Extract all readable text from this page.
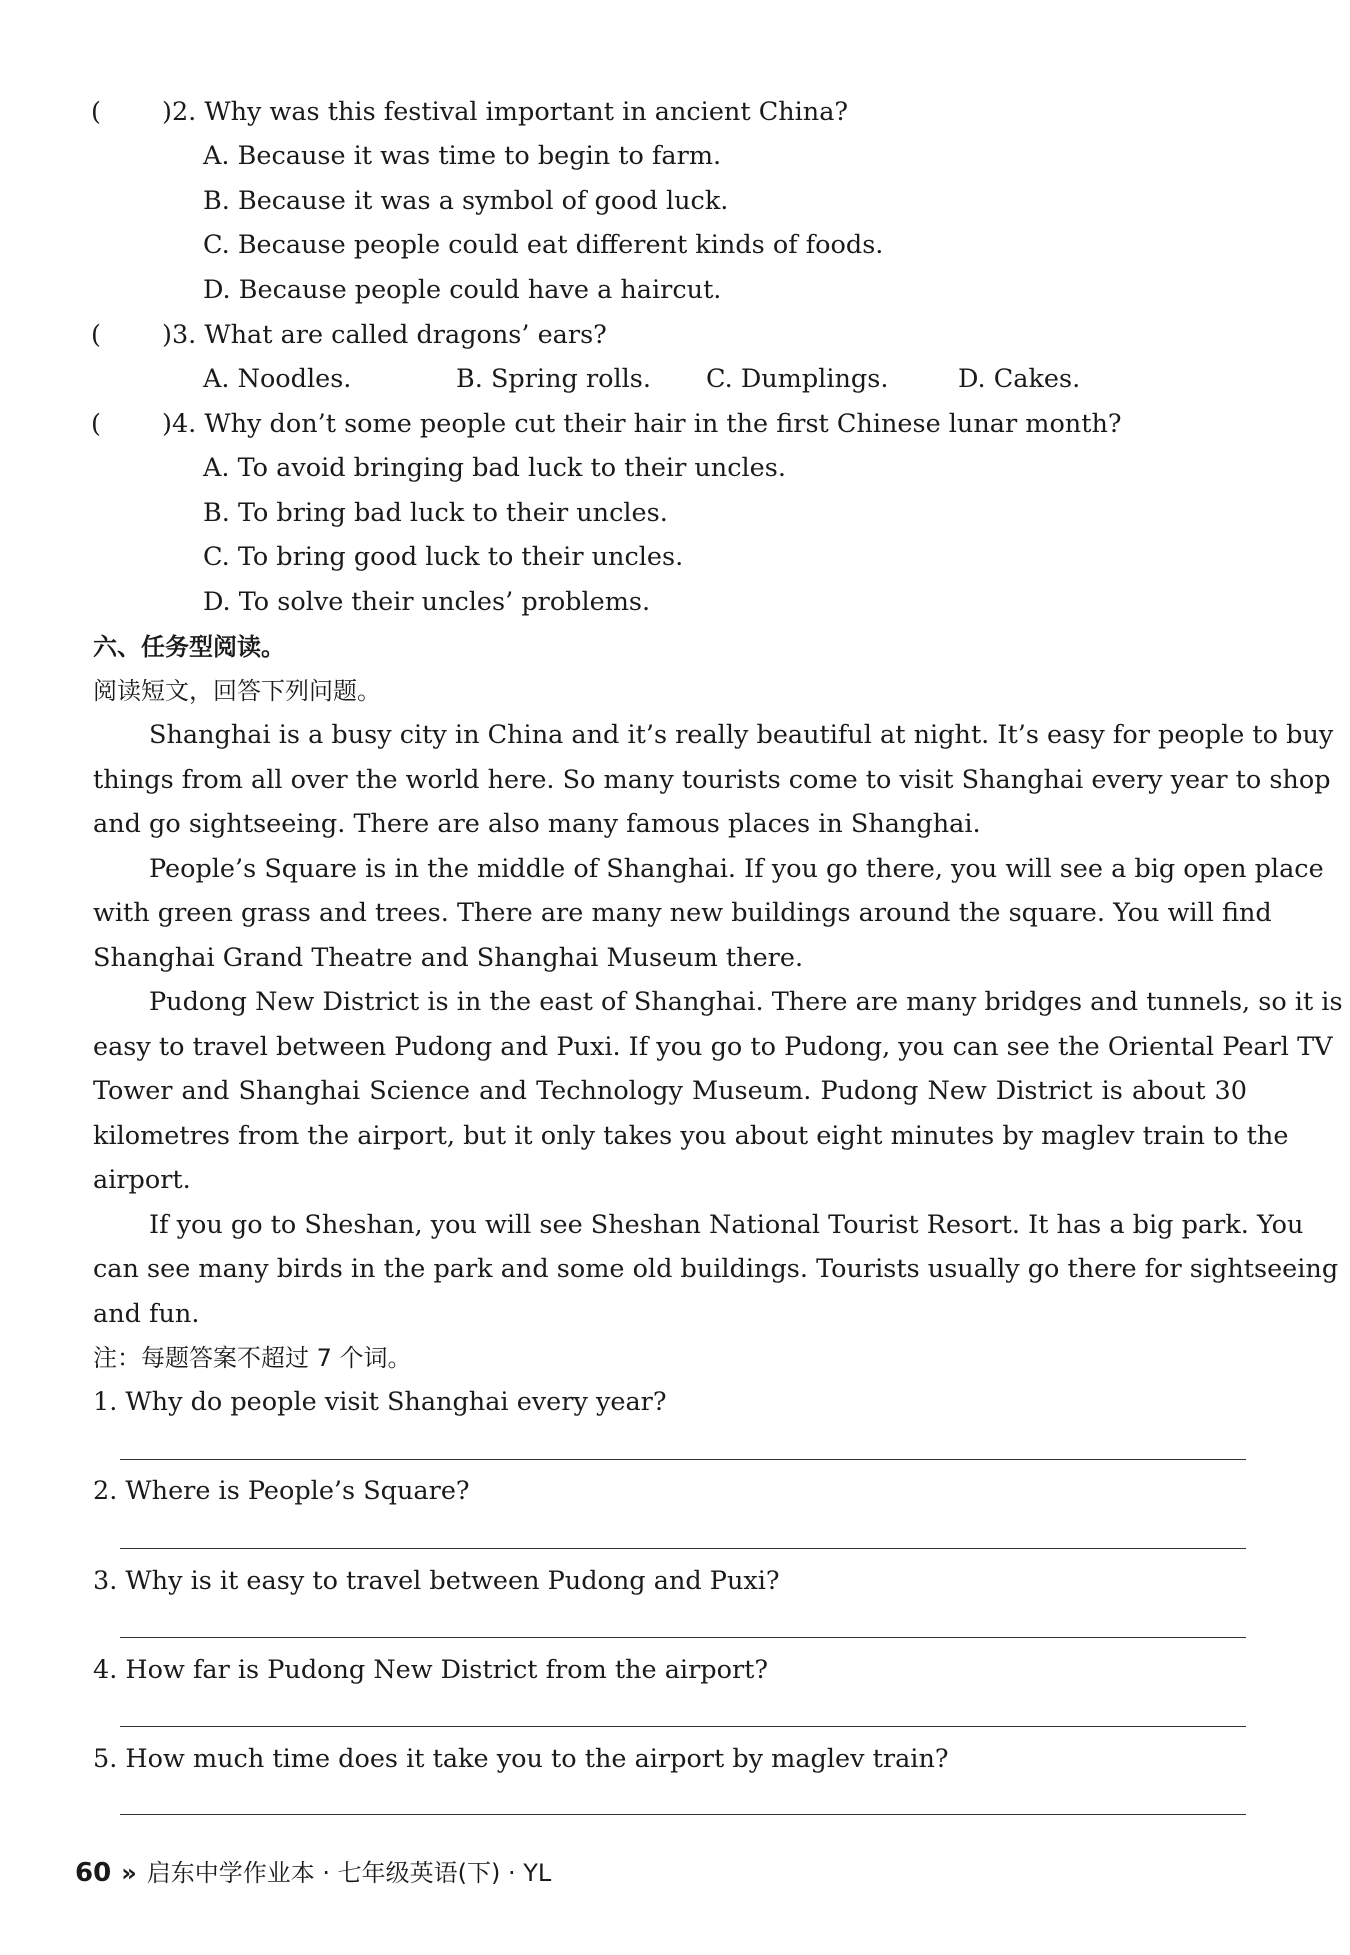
( )2. Why was this festival important in ancient China?
A. Because it was time to begin to farm.
B. Because it was a symbol of good luck.
C. Because people could eat different kinds of foods.
D. Because people could have a haircut.
( )3. What are called dragons’ ears?
A. Noodles.	B. Spring rolls. C. Dumplings.	D. Cakes.
( )4. Why don’t some people cut their hair in the first Chinese lunar month?
A. To avoid bringing bad luck to their uncles.
B. To bring bad luck to their uncles.
C. To bring good luck to their uncles.
D. To solve their uncles’ problems.
六、任务型阅读。
阅读短文，回答下列问题。
Shanghai is a busy city in China and it’s really beautiful at night. It’s easy for people to buy
things from all over the world here. So many tourists come to visit Shanghai every year to shop
and go sightseeing. There are also many famous places in Shanghai.
People’s Square is in the middle of Shanghai. If you go there, you will see a big open place
with green grass and trees. There are many new buildings around the square. You will find
Shanghai Grand Theatre and Shanghai Museum there.
Pudong New District is in the east of Shanghai. There are many bridges and tunnels, so it is
easy to travel between Pudong and Puxi. If you go to Pudong, you can see the Oriental Pearl TV
Tower and Shanghai Science and Technology Museum. Pudong New District is about 30
kilometres from the airport, but it only takes you about eight minutes by maglev train to the
airport.
If you go to Sheshan, you will see Sheshan National Tourist Resort. It has a big park. You
can see many birds in the park and some old buildings. Tourists usually go there for sightseeing
and fun.
注：每题答案不超过 7 个词。
1. Why do people visit Shanghai every year?
2. Where is People’s Square?
3. Why is it easy to travel between Pudong and Puxi?
4. How far is Pudong New District from the airport?
5. How much time does it take you to the airport by maglev train?
60 » 启东中学作业本 · 七年级英语(下) · YL
